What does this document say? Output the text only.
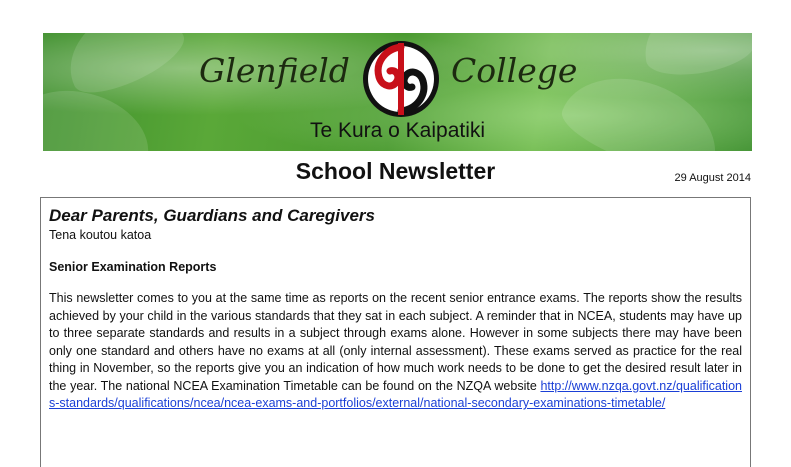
Glenfield	College
Te Kura o Kaipatiki
School Newsletter	29 August 2014

Dear Parents, Guardians and Caregivers

Tena koutou katoa

Senior Examination Reports

This newsletter comes to you at the same time as reports on the recent senior entrance exams. The reports show the results achieved by your child in the various standards that they sat in each subject. A reminder that in NCEA, students may have up to three separate standards and results in a subject through exams alone. However in some subjects there may have been only one standard and others have no exams at all (only internal assessment). These exams served as practice for the real thing in November, so the reports give you an indication of how much work needs to be done to get the desired result later in the year. The national NCEA Examination Timetable can be found on the NZQA website http://www.nzqa.govt.nz/qualifications-standards/qualifications/ncea/ncea-exams-and-portfolios/external/national-secondary-examinations-timetable/
